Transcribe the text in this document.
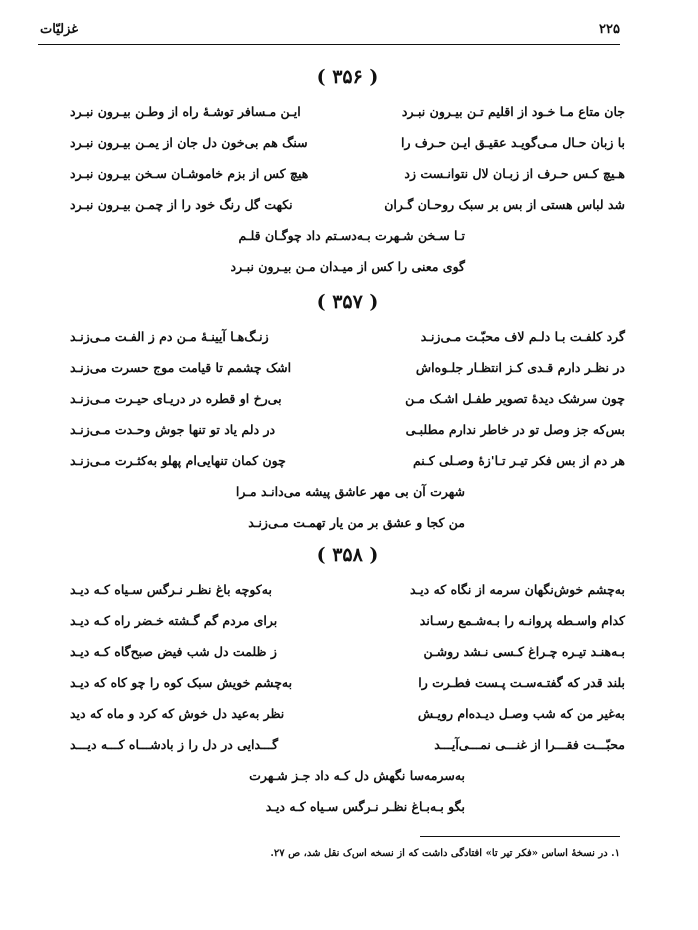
۲۲۵
غزلیّات
( ۳۵۶ )
جان متاع مـا خـود از اقلیم تـن بیـرون نبـرد
ایـن مـسافر توشـهٔ راه از وطـن بیـرون نبـرد
با زبان حـال مـی‌گویـد عقیـق ایـن حـرف را
سنگ هم بی‌خون دل جان از یمـن بیـرون نبـرد
هـیچ کـس حـرف از زبـان لال نتوانـست زد
هیچ کس از بزم خاموشـان سـخن بیـرون نبـرد
شد لباس هستی از بس بر سبک روحـان گـران
نکهت گل رنگ خود را از چمـن بیـرون نبـرد
تـا سـخن شـهرت بـه‌دسـتم داد چوگـان قلـم
گوی معنی را کس از میـدان مـن بیـرون نبـرد
( ۳۵۷ )
گرد کلفـت بـا دلـم لاف محبّـت مـی‌زنـد
زنـگ‌هـا آیینـهٔ مـن دم ز الفـت مـی‌زنـد
در نظـر دارم قـدی کـز انتظـار جلـوه‌اش
اشک چشمم تا قیامت موج حسرت می‌زنـد
چون سرشک دیدهٔ تصویر طفـل اشـک مـن
بی‌رخ او قطره در دریـای حیـرت مـی‌زنـد
بس‌که جز وصل تو در خاطر ندارم مطلبـی
در دلم یاد تو تنها جوش وحـدت مـی‌زنـد
هر دم از بس فکر تیـر تـا'زهٔ وصـلی کـنم
چون کمان تنهایی‌ام پهلو به‌کثـرت مـی‌زنـد
شهرت آن بی مهر عاشق پیشه می‌دانـد مـرا
من کجا و عشق بر من یار تهمـت مـی‌زنـد
( ۳۵۸ )
به‌چشم خوش‌نگهان سرمه از نگاه که دیـد
به‌کوچه باغ نظـر نـرگس سـیاه کـه دیـد
کدام واسـطه پروانـه را بـه‌شـمع رسـاند
برای مردم گم گـشته خـضر راه کـه دیـد
بـه‌هنـد تیـره چـراغ کـسی نـشد روشـن
ز ظلمت دل شب فیض صبح‌گاه کـه دیـد
بلند قدر که گفتـه‌سـت پـست فطـرت را
به‌چشم خویش سبک کوه را چو کاه که دیـد
به‌غیر من که شب وصـل دیـده‌ام رویـش
نظر به‌عید دل خوش که کرد و ماه که دید
محبّـــت فقـــرا از غنـــی نمـــی‌آیـــد
گـــدایی در دل را ز بادشـــاه کـــه دیـــد
به‌سرمه‌سا نگهش دل کـه داد جـز شـهرت
بگو بـه‌بـاغ نظـر نـرگس سـیاه کـه دیـد
۱. در نسخهٔ اساس «فکر تیر تا» افتادگی داشت که از نسخه اس‌ک نقل شد، ص ۲۷.
